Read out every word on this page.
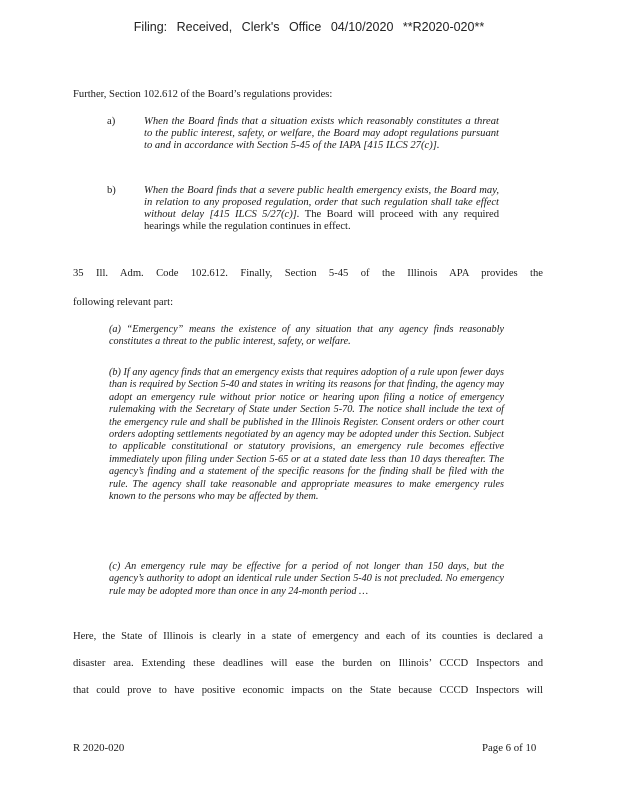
Filing: Received, Clerk's Office 04/10/2020 **R2020-020**
Further, Section 102.612 of the Board’s regulations provides:
a)	When the Board finds that a situation exists which reasonably constitutes a threat to the public interest, safety, or welfare, the Board may adopt regulations pursuant to and in accordance with Section 5-45 of the IAPA [415 ILCS 27(c)].
b)	When the Board finds that a severe public health emergency exists, the Board may, in relation to any proposed regulation, order that such regulation shall take effect without delay [415 ILCS 5/27(c)]. The Board will proceed with any required hearings while the regulation continues in effect.
35 Ill. Adm. Code 102.612. Finally, Section 5-45 of the Illinois APA provides the
following relevant part:
(a) “Emergency” means the existence of any situation that any agency finds reasonably constitutes a threat to the public interest, safety, or welfare.
(b) If any agency finds that an emergency exists that requires adoption of a rule upon fewer days than is required by Section 5-40 and states in writing its reasons for that finding, the agency may adopt an emergency rule without prior notice or hearing upon filing a notice of emergency rulemaking with the Secretary of State under Section 5-70. The notice shall include the text of the emergency rule and shall be published in the Illinois Register. Consent orders or other court orders adopting settlements negotiated by an agency may be adopted under this Section. Subject to applicable constitutional or statutory provisions, an emergency rule becomes effective immediately upon filing under Section 5-65 or at a stated date less than 10 days thereafter. The agency’s finding and a statement of the specific reasons for the finding shall be filed with the rule. The agency shall take reasonable and appropriate measures to make emergency rules known to the persons who may be affected by them.
(c) An emergency rule may be effective for a period of not longer than 150 days, but the agency’s authority to adopt an identical rule under Section 5-40 is not precluded. No emergency rule may be adopted more than once in any 24-month period …
Here, the State of Illinois is clearly in a state of emergency and each of its counties is declared a
disaster area. Extending these deadlines will ease the burden on Illinois’ CCCD Inspectors and
that could prove to have positive economic impacts on the State because CCCD Inspectors will
R 2020-020	Page 6 of 10
